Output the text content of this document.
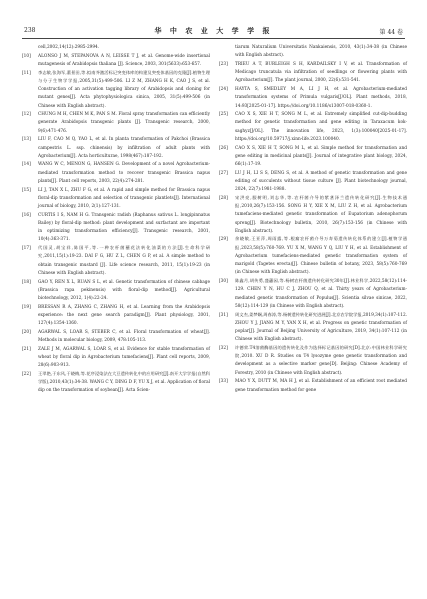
238	华 中 农 业 大 学 学 报	第 44 卷
cell,2002,14(12):2985-2994.
[10]	ALONSO J M, STEPANOVA A N, LEISSE T J, et al. Genome-wide insertional mutagenesis of Arabidopsis thaliana [J]. Science, 2003, 301(5633):653-657.
[11]	李志敏,张海军,董景田,等.拟南芥激活标记突变体库的构建及突变体基因的克隆[J].植物生理与分子生物学学报,2005,31(5):499-506. LI Z M, ZHANG H K, CAO J S, et al. Construction of an activation tagging library of Arabidopsis and cloning for mutant genes[J]. Acta phytophysiologica sinica, 2005, 31(5):499-506 (in Chinese with English abstract).
[12]	CHUNG M H, CHEN M K, PAN S M. Floral spray transformation can efficiently generate Arabidopsis transgenic plants [J]. Transgenic research, 2000, 9(6):471-476.
[13]	LIU F, CAO M Q, YAO L, et al. In planta transformation of Pakchoi (Brassica campestris L. ssp. chinensis) by infiltration of adult plants with Agrobacterium[J]. Acta horticulturae, 1998(467):187-192.
[14]	WANG W C, MENON G, HANSEN G. Development of a novel Agrobacterium-mediated transformation method to recover transgenic Brassica napus plants[J]. Plant cell reports, 2003, 22(4):274-281.
[15]	LI J, TAN X L, ZHU F G, et al. A rapid and simple method for Brassica napus floral-dip transformation and selection of transgenic plantlets[J]. International journal of biology, 2010, 2(1):127-131.
[16]	CURTIS I S, NAM H G. Transgenic radish (Raphanus sativus L. longipinnatus Bailey) by floral-dip method: plant development and surfactant are important in optimizing transformation efficiency[J]. Transgenic research, 2001, 10(4):363-371.
[17]	代国灵,胡宝祥,陈国平,等.一种农杆菌蘸花法转化油菜的方法[J].生命科学研究,2011,15(1):19-23. DAI F G, HU Z L, CHEN G P, et al. A simple method to obtain transgenic mustard [J]. Life science research, 2011, 15(1):19-23 (in Chinese with English abstract).
[18]	GAO Y, REN X L, RUAN S L, et al. Genetic transformation of chinese cabbage (Brassica rapa pekinensis) with floral-dip method[J]. Agricultural biotechnology, 2012, 1(4):22-24.
[19]	BRESSAN R A, ZHANG C, ZHANG H, et al. Learning from the Arabidopsis experience: the next gene search paradigm[J]. Plant physiology, 2001, 127(4):1354-1360.
[20]	AGARWAL S, LOAR S, STEBER C, et al. Floral transformation of wheat[J]. Methods in molecular biology, 2009, 478:105-113.
[21]	ZALE J M, AGARWAL S, LOAR S, et al. Evidence for stable transformation of wheat by floral dip in Agrobacterium tumefaciens[J]. Plant cell reports, 2009, 28(6):903-913.
[22]	王翠艳,于东风,于晓梅,等.花序浸染法在大豆遗传转化中的应用研究[J].南开大学学报(自然科学版),2010,43(1):34-38. WANG C Y, DING D F, YU X J, et al. Application of floral dip on the transformation of soybean[J]. Acta Scien-
tiarum Naturalium Universitatis Nankaiensis, 2010, 43(1):34-38 (in Chinese with English abstract).
[23]	TRIEU A T, BURLEIGH S H, KARDAILSKY I V, et al. Transformation of Medicago truncatula via infiltration of seedlings or flowering plants with Agrobacterium[J]. The plant journal, 2000, 22(6):531-541.
[24]	HAYTA S, SMEDLEY M A, LI J H, et al. Agrobacterium-mediated transformation systems of Primula vulgaris[J/OL]. Plant methods, 2018, 14:93[2025-01-17]. https://doi.org/10.1186/s13007-018-0360-1.
[25]	CAO X S, XIE H T, SONG M L, et al. Extremely simplified cut-dip-budding method for genetic transformation and gene editing in Taraxacum kok-saghyz[J/OL]. The innovation life, 2023, 1(3):100040[2025-01-17]. https://doi.org/10.59717/j.xinn-life.2023.100040.
[26]	CAO X S, XIE H T, SONG M L, et al. Simple method for transformation and gene editing in medicinal plants[J]. Journal of integrative plant biology, 2024, 66(1):17-19.
[27]	LU J H, LI S S, DENG S, et al. A method of genetic transformation and gene editing of succulents without tissue culture [J]. Plant biotechnology journal, 2024, 22(7):1981-1988.
[28]	宋洪亮,服树明,刘志华,等.农杆菌介导的紫茎泽兰遗传转化研究[J].生物技术通报,2010,26(7):153-156. SONG H Y, XIE X M, LIU Z H, et al. Agrobacterium tumefaciens-mediated genetic transformation of Eupatorium adenophorum spreng[J]. Biotechnology bulletin, 2010, 26(7):153-156 (in Chinese with English abstract).
[29]	余晓敏,王亚萍,周雨露,等.根瘤农杆菌介导万寿菊遗传转化体系的建立[J].植物学通报,2023,58(5):760-769. YU X M, WANG Y Q, LIU Y H, et al. Establishment of Agrobacterium tumefaciens-mediated genetic transformation system of marigold (Tagetes erecta)[J]. Chinese bulletin of botany, 2023, 58(5):760-769 (in Chinese with English abstract).
[30]	陈鑫月,胡传勇,盛蕙园,等.杨树农杆菌遗传转化研究30年[J].林业科学,2022,58(12):114-129. CHEN Y N, HU C J, ZHOU Q, et al. Thirty years of Agrobacterium-mediated genetic transformation of Populus[J]. Scientia silvae sinicae, 2022, 58(12):114-129 (in Chinese with English abstract).
[31]	周文杰,姜梦娴,周春涛,等.杨树遗传转化研究进展[J].北京农学院学报,2019,34(1):107-112. ZHOU Y J, JIANG M Y, YAN X H, et al. Progress on genetic transformation of poplar[J]. Journal of Beijing University of Agriculture, 2019, 34(1):107-112 (in Chinese with English abstract).
[32]	许德荣.T4溶菌酶基因的遗传转化及作为选择标记基因的研究[D].北京:中国林业科学研究院,2010. XU D R. Studies on T4 lysozyme gene genetic transformation and development as a selective marker gene[D]. Beijing: Chinese Academy of Forestry, 2010 (in Chinese with English abstract).
[33]	MAO Y X, DUTT M, MA H J, et al. Establishment of an efficient root mediated gene transformation method for gene
